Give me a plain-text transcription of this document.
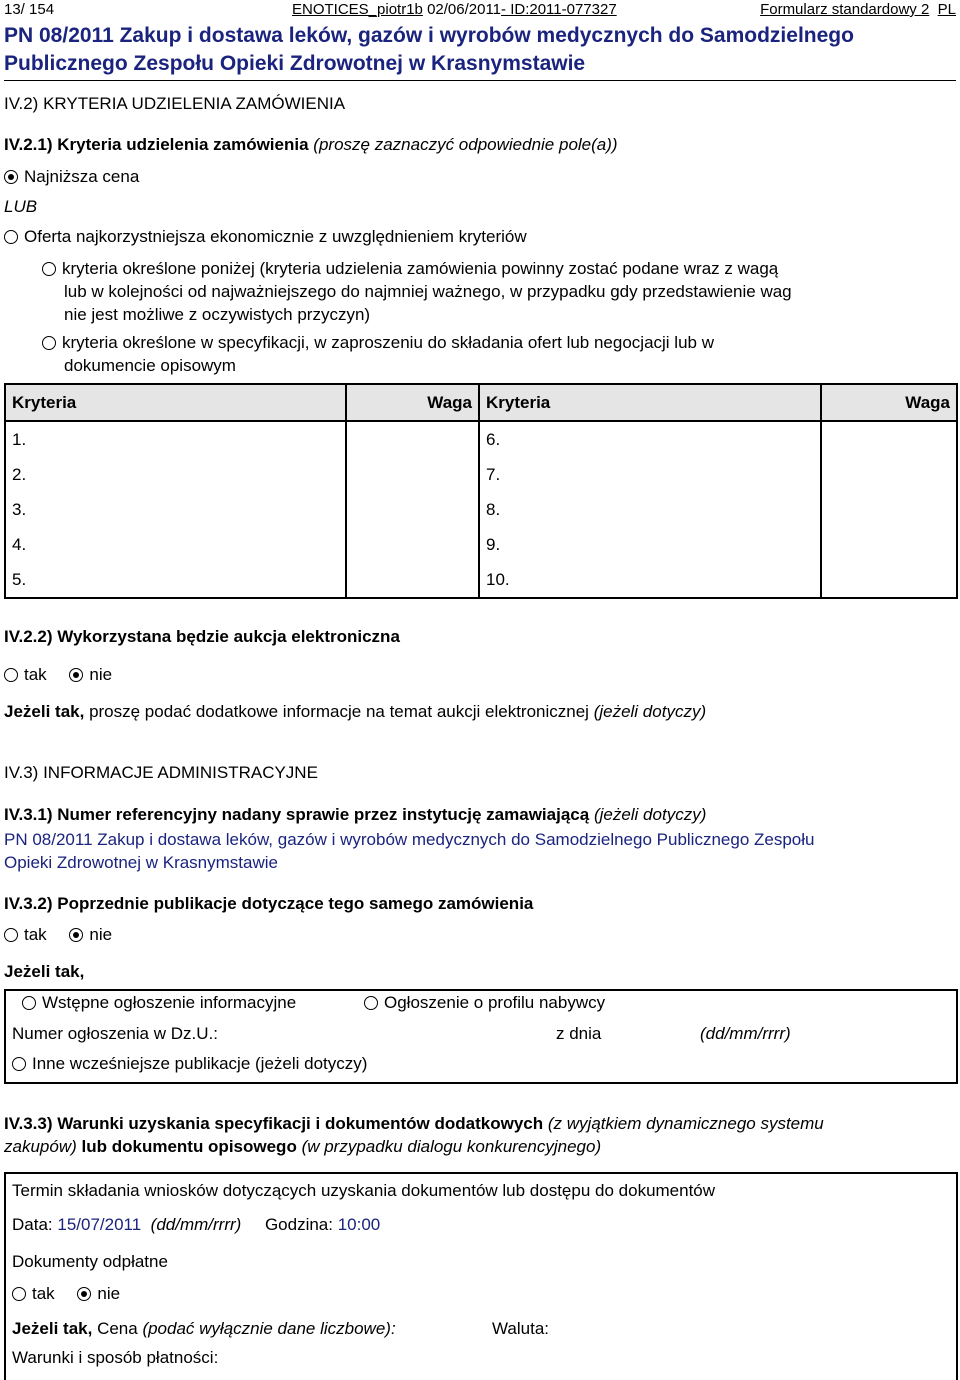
13/ 154	ENOTICES_piotr1b 02/06/2011- ID:2011-077327	Formularz standardowy 2 PL
PN 08/2011 Zakup i dostawa leków, gazów i wyrobów medycznych do Samodzielnego
Publicznego Zespołu Opieki Zdrowotnej w Krasnymstawie
IV.2) KRYTERIA UDZIELENIA ZAMÓWIENIA
IV.2.1) Kryteria udzielenia zamówienia (proszę zaznaczyć odpowiednie pole(a))
Najniższa cena
LUB
Oferta najkorzystniejsza ekonomicznie z uwzględnieniem kryteriów
kryteria określone poniżej (kryteria udzielenia zamówienia powinny zostać podane wraz z wagą
lub w kolejności od najważniejszego do najmniej ważnego, w przypadku gdy przedstawienie wag
nie jest możliwe z oczywistych przyczyn)
kryteria określone w specyfikacji, w zaproszeniu do składania ofert lub negocjacji lub w
dokumencie opisowym
Kryteria	Waga	Kryteria	Waga
1.		6.	
2.		7.	
3.		8.	
4.		9.	
5.		10.	
IV.2.2) Wykorzystana będzie aukcja elektroniczna
tak	nie
Jeżeli tak, proszę podać dodatkowe informacje na temat aukcji elektronicznej (jeżeli dotyczy)
IV.3) INFORMACJE ADMINISTRACYJNE
IV.3.1) Numer referencyjny nadany sprawie przez instytucję zamawiającą (jeżeli dotyczy)
PN 08/2011 Zakup i dostawa leków, gazów i wyrobów medycznych do Samodzielnego Publicznego Zespołu
Opieki Zdrowotnej w Krasnymstawie
IV.3.2) Poprzednie publikacje dotyczące tego samego zamówienia
tak	nie
Jeżeli tak,
Wstępne ogłoszenie informacyjne	Ogłoszenie o profilu nabywcy
Numer ogłoszenia w Dz.U.:	z dnia	(dd/mm/rrrr)
Inne wcześniejsze publikacje (jeżeli dotyczy)
IV.3.3) Warunki uzyskania specyfikacji i dokumentów dodatkowych (z wyjątkiem dynamicznego systemu
zakupów) lub dokumentu opisowego (w przypadku dialogu konkurencyjnego)
Termin składania wniosków dotyczących uzyskania dokumentów lub dostępu do dokumentów
Data: 15/07/2011 (dd/mm/rrrr) Godzina: 10:00
Dokumenty odpłatne
tak	nie
Jeżeli tak, Cena (podać wyłącznie dane liczbowe):	Waluta:
Warunki i sposób płatności:
